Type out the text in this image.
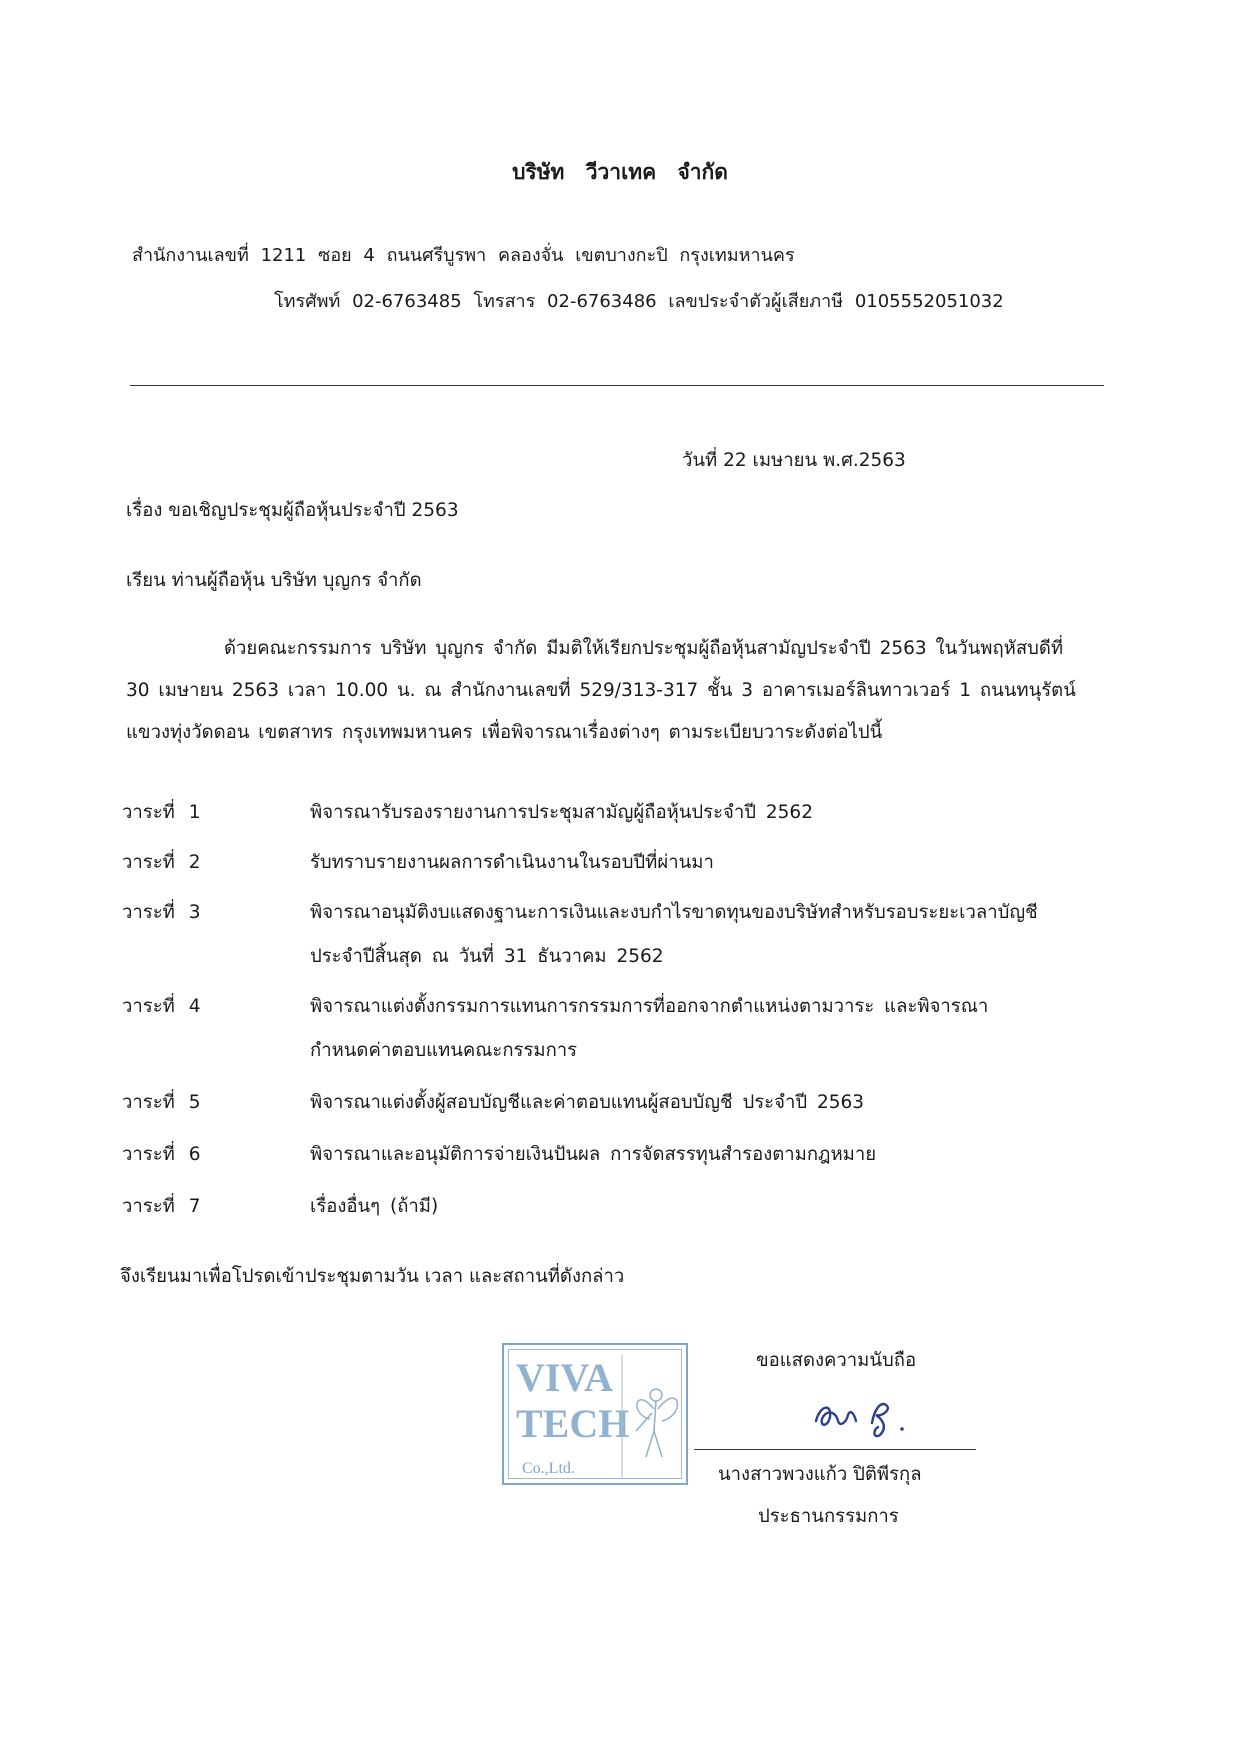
บริษัท วีวาเทค จำกัด
สำนักงานเลขที่ 1211 ซอย 4 ถนนศรีบูรพา คลองจั่น เขตบางกะปิ กรุงเทมหานคร
โทรศัพท์ 02-6763485 โทรสาร 02-6763486 เลขประจำตัวผู้เสียภาษี 0105552051032
วันที่ 22 เมษายน พ.ศ.2563
เรื่อง ขอเชิญประชุมผู้ถือหุ้นประจำปี 2563
เรียน ท่านผู้ถือหุ้น บริษัท บุญกร จำกัด
ด้วยคณะกรรมการ บริษัท บุญกร จำกัด มีมติให้เรียกประชุมผู้ถือหุ้นสามัญประจำปี 2563 ในวันพฤหัสบดีที่
30 เมษายน 2563 เวลา 10.00 น. ณ สำนักงานเลขที่ 529/313-317 ชั้น 3 อาคารเมอร์ลินทาวเวอร์ 1 ถนนทนุรัตน์
แขวงทุ่งวัดดอน เขตสาทร กรุงเทพมหานคร เพื่อพิจารณาเรื่องต่างๆ ตามระเบียบวาระดังต่อไปนี้
วาระที่ 1	พิจารณารับรองรายงานการประชุมสามัญผู้ถือหุ้นประจำปี 2562
วาระที่ 2	รับทราบรายงานผลการดำเนินงานในรอบปีที่ผ่านมา
วาระที่ 3	พิจารณาอนุมัติงบแสดงฐานะการเงินและงบกำไรขาดทุนของบริษัทสำหรับรอบระยะเวลาบัญชี
ประจำปีสิ้นสุด ณ วันที่ 31 ธันวาคม 2562
วาระที่ 4	พิจารณาแต่งตั้งกรรมการแทนการกรรมการที่ออกจากตำแหน่งตามวาระ และพิจารณา
กำหนดค่าตอบแทนคณะกรรมการ
วาระที่ 5	พิจารณาแต่งตั้งผู้สอบบัญชีและค่าตอบแทนผู้สอบบัญชี ประจำปี 2563
วาระที่ 6	พิจารณาและอนุมัติการจ่ายเงินปันผล การจัดสรรทุนสำรองตามกฎหมาย
วาระที่ 7	เรื่องอื่นๆ (ถ้ามี)
จึงเรียนมาเพื่อโปรดเข้าประชุมตามวัน เวลา และสถานที่ดังกล่าว
ขอแสดงความนับถือ
VIVA
TECH
Co.,Ltd.	นางสาวพวงแก้ว ปิติพีรกุล
ประธานกรรมการ
